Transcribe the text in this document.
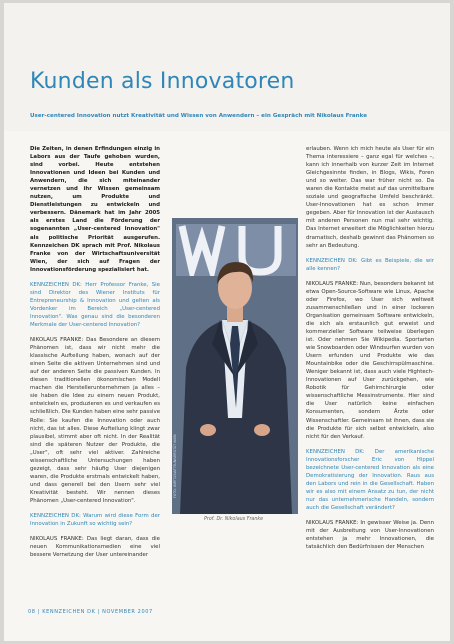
Kunden als Innovatoren
User-centered Innovation nutzt Kreativität und Wissen von Anwendern – ein Gespräch mit Nikolaus Franke

Die Zeiten, in denen Erfindungen einzig in Labors aus der Taufe gehoben wurden, sind vorbei. Heute entstehen Innovationen und Ideen bei Kunden und Anwendern, die sich miteinander vernetzen und ihr Wissen gemeinsam nutzen, um Produkte und Dienstleistungen zu entwickeln und verbessern. Dänemark hat im Jahr 2005 als erstes Land die Förderung der sogenannten „User-centered Innovation" als politische Priorität ausgerufen. Kennzeichen DK sprach mit Prof. Nikolaus Franke von der Wirtschaftsuniversität Wien, der sich auf Fragen der Innovationsförderung spezialisiert hat.

KENNZEICHEN DK: Herr Professor Franke, Sie sind Direktor des Wiener Instituts für Entrepreneurship & Innovation und gelten als Vordenker im Bereich „User-centered Innovation". Was genau sind die besonderen Merkmale der User-centered Innovation?

NIKOLAUS FRANKE: Das Besondere an diesem Phänomen ist, dass wir nicht mehr die klassische Aufteilung haben, wonach auf der einen Seite die aktiven Unternehmen sind und auf der anderen Seite die passiven Kunden. In diesen traditionellen ökonomischen Modell machen die Herstellerunternehmen ja alles – sie haben die Idee zu einem neuen Produkt, entwickeln es, produzieren es und verkaufen es schließlich. Die Kunden haben eine sehr passive Rolle: Sie kaufen die Innovation oder auch nicht, das ist alles. Diese Aufteilung klingt zwar plausibel, stimmt aber oft nicht. In der Realität sind die späteren Nutzer der Produkte, die „User", oft sehr viel aktiver. Zahlreiche wissenschaftliche Untersuchungen haben gezeigt, dass sehr häufig User diejenigen waren, die Produkte erstmals entwickelt haben, und dass generell bei den Usern sehr viel Kreativität besteht. Wir nennen dieses Phänomen „User-centered Innovation".

KENNZEICHEN DK: Warum wird diese Form der Innovation in Zukunft so wichtig sein?

NIKOLAUS FRANKE: Das liegt daran, dass die neuen Kommunikationsmedien eine viel bessere Vernetzung der User untereinander

FOTO: WIRTSCHAFTSUNIVERSITÄT WIEN
Prof. Dr. Nikolaus Franke

erlauben. Wenn ich mich heute als User für ein Thema interessiere – ganz egal für welches –, kann ich innerhalb von kurzer Zeit im Internet Gleichgesinnte finden, in Blogs, Wikis, Foren und so weiter. Das war früher nicht so. Da waren die Kontakte meist auf das unmittelbare soziale und geografische Umfeld beschränkt. User-Innovationen hat es schon immer gegeben. Aber für Innovation ist der Austausch mit anderen Personen nun mal sehr wichtig. Das Internet erweitert die Möglichkeiten hierzu dramatisch, deshalb gewinnt das Phänomen so sehr an Bedeutung.

KENNZEICHEN DK: Gibt es Beispiele, die wir alle kennen?

NIKOLAUS FRANKE: Nun, besonders bekannt ist etwa Open-Source-Software wie Linux, Apache oder Firefox, wo User sich weltweit zusammenschließen und in einer lockeren Organisation gemeinsam Software entwickeln, die sich als erstaunlich gut erweist und kommerzieller Software teilweise überlegen ist. Oder nehmen Sie Wikipedia. Sportarten wie Snowboarden oder Windsurfen wurden von Usern erfunden und Produkte wie das Mountainbike oder die Geschirrspülmaschine. Weniger bekannt ist, dass auch viele Hightech-Innovationen auf User zurückgehen, wie Robotik für Gehirnchirurgie oder wissenschaftliche Messinstrumente. Hier sind die User natürlich keine einfachen Konsumenten, sondern Ärzte oder Wissenschaftler. Gemeinsam ist ihnen, dass sie die Produkte für sich selbst entwickeln, also nicht für den Verkauf.

KENNZEICHEN DK: Der amerikanische Innovationsforscher Eric von Hippel bezeichnete User-centered Innovation als eine Demokratisierung der Innovation. Raus aus den Labors und rein in die Gesellschaft. Haben wir es also mit einem Ansatz zu tun, der nicht nur das unternehmerische Handeln, sondern auch die Gesellschaft verändert?

NIKOLAUS FRANKE: In gewisser Weise ja. Denn mit der Ausbreitung von User-Innovationen entstehen ja mehr Innovationen, die tatsächlich den Bedürfnissen der Menschen

08 | KENNZEICHEN DK | NOVEMBER 2007
